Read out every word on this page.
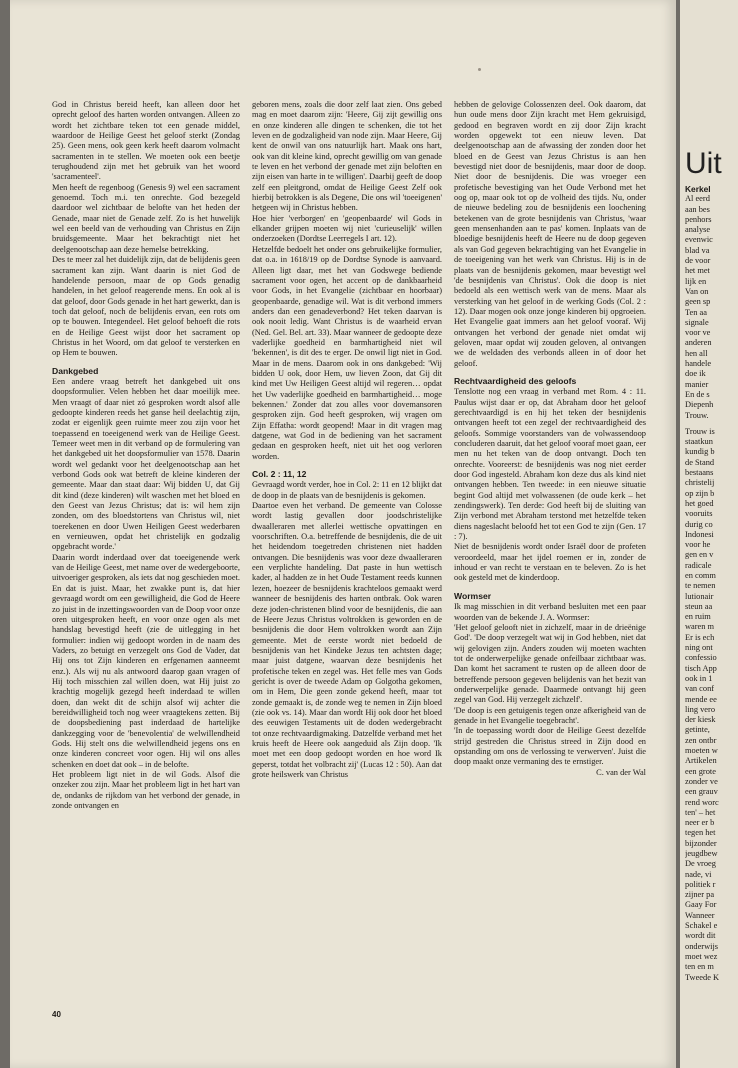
God in Christus bereid heeft, kan alleen door het oprecht geloof des harten worden ontvangen. Alleen zo wordt het zichtbare teken tot een genade middel, waardoor de Heilige Geest het geloof sterkt (Zondag 25). Geen mens, ook geen kerk heeft daarom volmacht sacramenten in te stellen. We moeten ook een beetje terughoudend zijn met het gebruik van het woord 'sacramenteel'.

Men heeft de regenboog (Genesis 9) wel een sacrament genoemd. Toch m.i. ten onrechte. God bezegeld daardoor wel zichtbaar de belofte van het heden der Genade, maar niet de Genade zelf. Zo is het huwelijk wel een beeld van de verhouding van Christus en Zijn bruidsgemeente. Maar het bekrachtigt niet het deelgenootschap aan deze hemelse betrekking.

Des te meer zal het duidelijk zijn, dat de belijdenis geen sacrament kan zijn. Want daarin is niet God de handelende persoon, maar de op Gods genadig handelen, in het geloof reagerende mens. En ook al is dat geloof, door Gods genade in het hart gewerkt, dan is toch dat geloof, noch de belijdenis ervan, een rots om op te bouwen. Integendeel. Het geloof behoeft die rots en de Heilige Geest wijst door het sacrament op Christus in het Woord, om dat geloof te versterken en op Hem te bouwen.

Dankgebed

Een andere vraag betreft het dankgebed uit ons doopsformulier. Velen hebben het daar moeilijk mee. Men vraagt of daar niet zó gesproken wordt alsof alle gedoopte kinderen reeds het ganse heil deelachtig zijn, zodat er eigenlijk geen ruimte meer zou zijn voor het toepassend en toeeigenend werk van de Heilige Geest. Temeer weet men in dit verband op de formulering van het dankgebed uit het doopsformulier van 1578. Daarin wordt wel gedankt voor het deelgenootschap aan het verbond Gods ook wat betreft de kleine kinderen der gemeente. Maar dan staat daar: Wij bidden U, dat Gij dit kind (deze kinderen) wilt waschen met het bloed en den Geest van Jezus Christus; dat is: wil hem zijn zonden, om des bloedstortens van Christus wil, niet toerekenen en door Uwen Heiligen Geest wederbaren en vernieuwen, opdat het christelijk en godzalig opgebracht worde.'

Daarin wordt inderdaad over dat toeeigenende werk van de Heilige Geest, met name over de wedergeboorte, uitvoeriger gesproken, als iets dat nog geschieden moet. En dat is juist. Maar, het zwakke punt is, dat hier gevraagd wordt om een gewilligheid, die God de Heere zo juist in de inzettingswoorden van de Doop voor onze oren uitgesproken heeft, en voor onze ogen als met handslag bevestigd heeft (ziе de uitlegging in het formulier: indien wij gedoopt worden in de naam des Vaders, zo betuigt en verzegelt ons God de Vader, dat Hij ons tot Zijn kinderen en erfgenamen aanneemt enz.). Als wij nu als antwoord daarop gaan vragen of Hij toch misschien zal willen doen, wat Hij juist zo krachtig mogelijk gezegd heeft inderdaad te willen doen, dan wekt dit de schijn alsof wij achter die bereidwilligheid toch nog weer vraagtekens zetten. Bij de doopsbediening past inderdaad de hartelijke dankzegging voor de 'benevolentia' de welwillendheid Gods. Hij stelt ons die welwillendheid jegens ons en onze kinderen concreet voor ogen. Hij wil ons alles schenken en doet dat ook – in de belofte.

Het probleem ligt niet in de wil Gods. Alsof die onzeker zou zijn. Maar het probleem ligt in het hart van de, ondanks de rijkdom van het verbond der genade, in zonde ontvangen en

geboren mens, zoals die door zelf laat zien. Ons gebed mag en moet daarom zijn: 'Heere, Gij zijt gewillig ons en onze kinderen alle dingen te schenken, die tot het leven en de godzaligheid van node zijn. Maar Heere, Gij kent de onwil van ons natuurlijk hart. Maak ons hart, ook van dit kleine kind, oprecht gewillig om van genade te leven en het verbond der genade met zijn beloften en zijn eisen van harte in te willigen'. Daarbij geeft de doop zelf een pleitgrond, omdat de Heilige Geest Zelf ook hierbij betrokken is als Degene, Die ons wil 'toeeigenen' hetgeen wij in Christus hebben.

Hoe hier 'verborgen' en 'geopenbaarde' wil Gods in elkander grijpen moeten wij niet 'curieuselijk' willen onderzoeken (Dordtse Leerregels I art. 12).

Hetzelfde bedoelt het onder ons gebruikelijke formulier, dat o.a. in 1618/19 op de Dordtse Synode is aanvaard. Alleen ligt daar, met het van Godswege bediende sacrament voor ogen, het accent op de dankbaarheid voor Gods, in het Evangelie (zichtbaar en hoorbaar) geopenbaarde, genadige wil. Wat is dit verbond immers anders dan een genadeverbond? Het teken daarvan is ook nooit ledig. Want Christus is de waarheid ervan (Ned. Gel. Bel. art. 33). Maar wanneer de gedoopte deze vaderlijke goedheid en barmhartigheid niet wil 'bekennen', is dit des te erger. De onwil ligt niet in God. Maar in de mens. Daarom ook in ons dankgebed: 'Wij bidden U ook, door Hem, uw lieven Zoon, dat Gij dit kind met Uw Heiligen Geest altijd wil regeren… opdat het Uw vaderlijke goedheid en barmhartigheid… moge bekennen.' Zonder dat zou alles voor dovemansoren gesproken zijn. God heeft gesproken, wij vragen om Zijn Effatha: wordt geopend! Maar in dit vragen mag datgene, wat God in de bediening van het sacrament gedaan en gesproken heeft, niet uit het oog verloren worden.

Col. 2 : 11, 12

Gevraagd wordt verder, hoe in Col. 2: 11 en 12 blijkt dat de doop in de plaats van de besnijdenis is gekomen.

Daartoe even het verband. De gemeente van Colosse wordt lastig gevallen door joodschristelijke dwaalleraren met allerlei wettische opvattingen en voorschriften. O.a. betreffende de besnijdenis, die de uit het heidendom toegetreden christenen niet hadden ontvangen. Die besnijdenis was voor deze dwaalleraren een verplichte handeling. Dat paste in hun wettisch kader, al hadden ze in het Oude Testament reeds kunnen lezen, hoezeer de besnijdenis krachteloos gemaakt werd wanneer de besnijdenis des harten ontbrak. Ook waren deze joden-christenen blind voor de besnijdenis, die aan de Heere Jezus Christus voltrokken is geworden en de besnijdenis die door Hem voltrokken wordt aan Zijn gemeente. Met de eerste wordt niet bedoeld de besnijdenis van het Kindeke Jezus ten achtsten dage; maar juist datgene, waarvan deze besnijdenis het profetische teken en zegel was. Het felle mes van Gods gericht is over de tweede Adam op Golgotha gekomen, om in Hem, Die geen zonde gekend heeft, maar tot zonde gemaakt is, de zonde weg te nemen in Zijn bloed (zie ook vs. 14). Maar dan wordt Hij ook door het bloed des eeuwigen Testaments uit de doden wedergebracht tot onze rechtvaardigmaking. Datzelfde verband met het kruis heeft de Heere ook aangeduid als Zijn doop. 'Ik moet met een doop gedoopt worden en hoe word Ik geperst, totdat het volbracht zij' (Lucas 12 : 50). Aan dat grote heilswerk van Christus

hebben de gelovige Colossenzen deel. Ook daarom, dat hun oude mens door Zijn kracht met Hem gekruisigd, gedood en begraven wordt en zij door Zijn kracht worden opgewekt tot een nieuw leven. Dat deelgenootschap aan de afwassing der zonden door het bloed en de Geest van Jezus Christus is aan hen bevestigd niet door de besnijdenis, maar door de doop. Niet door de besnijdenis. Die was vroeger een profetische bevestiging van het Oude Verbond met het oog op, maar ook tot op de volheid des tijds. Nu, onder de nieuwe bedeling zou de besnijdenis een loochening betekenen van de grote besnijdenis van Christus, 'waar geen mensenhanden aan te pas' komen. Inplaats van de bloedige besnijdenis heeft de Heere nu de doop gegeven als van God gegeven bekrachtiging van het Evangelie in de toeeigening van het werk van Christus. Hij is in de plaats van de besnijdenis gekomen, maar bevestigt wel 'de besnijdenis van Christus'. Ook die doop is niet bedoeld als een wettisch werk van de mens. Maar als versterking van het geloof in de werking Gods (Col. 2 : 12). Daar mogen ook onze jonge kinderen bij opgroeien. Het Evangelie gaat immers aan het geloof vooraf. Wij ontvangen het verbond der genade niet omdat wij geloven, maar opdat wij zouden geloven, al ontvangen we de weldaden des verbonds alleen in of door het geloof.

Rechtvaardigheid des geloofs

Tenslotte nog een vraag in verband met Rom. 4 : 11. Paulus wijst daar er op, dat Abraham door het geloof gerechtvaardigd is en hij het teken der besnijdenis ontvangen heeft tot een zegel der rechtvaardigheid des geloofs. Sommige voorstanders van de volwassendoop concluderen daaruit, dat het geloof vooraf moet gaan, eer men nu het teken van de doop ontvangt. Doch ten onrechte. Vooreerst: de besnijdenis was nog niet eerder door God ingesteld. Abraham kon deze dus als kind niet ontvangen hebben. Ten tweede: in een nieuwe situatie begint God altijd met volwassenen (de oude kerk – het zendingswerk). Ten derde: God heeft bij de sluiting van Zijn verbond met Abraham terstond met hetzelfde teken diens nageslacht beloofd het tot een God te zijn (Gen. 17 : 7).

Niet de besnijdenis wordt onder Israël door de profeten veroordeeld, maar het ijdel roemen er in, zonder de inhoud er van recht te verstaan en te beleven. Zo is het ook gesteld met de kinderdoop.

Wormser

Ik mag misschien in dit verband besluiten met een paar woorden van de bekende J. A. Wormser:

'Het geloof gelooft niet in zichzelf, maar in de drieënige God'. 'De doop verzegelt wat wij in God hebben, niet dat wij gelovigen zijn. Anders zouden wij moeten wachten tot de onderwerpelijke genade onfeilbaar zichtbaar was. Dan komt het sacrament te rusten op de alleen door de betreffende persoon gegeven belijdenis van het bezit van onderwerpelijke genade. Daarmede ontvangt hij geen zegel van God. Hij verzegelt zichzelf'.

'De doop is een getuigenis tegen onze afkerigheid van de genade in het Evangelie toegebracht'.

'In de toepassing wordt door de Heilige Geest dezelfde strijd gestreden die Christus streed in Zijn dood en opstanding om ons de verlossing te verwerven'. Juist die doop maakt onze vermaning des te ernstiger.

C. van der Wal

40
Uit
Kerkel
Al eerd
aan bes
penhors
analyse
evenwic
blad va
de voor
het met
lijk en
Van on
geen sp
Ten aa
signale
voor ve
anderen
hen all
handele
doe ik
manier
En de s
Diepenh
Trouw.
Trouw is
staatkun
kundig b
de Stand
bestaans
christelij
op zijn b
het goed
vooruits
durig co
Indonesi
voor he
gen en v
radicale
en comm
te nemen
lutionair
steun aa
en ruim
waren m
Er is ech
ning ont
confessio
tisch App
ook in 1
van conf
mende ee
ling vero
der kiesk
getinte,
zen ontbr
moeten w
Artikelen
een grote
zonder ve
een grauv
rend worc
ten' – het
neer er b
tegen het
bijzonder
jeugdbew
De vroeg
nade, vi
politiek r
zijner pa
Gaay For
Wanneer
Schakel e
wordt dit
onderwijs
moet wez
ten en m
Tweede K
